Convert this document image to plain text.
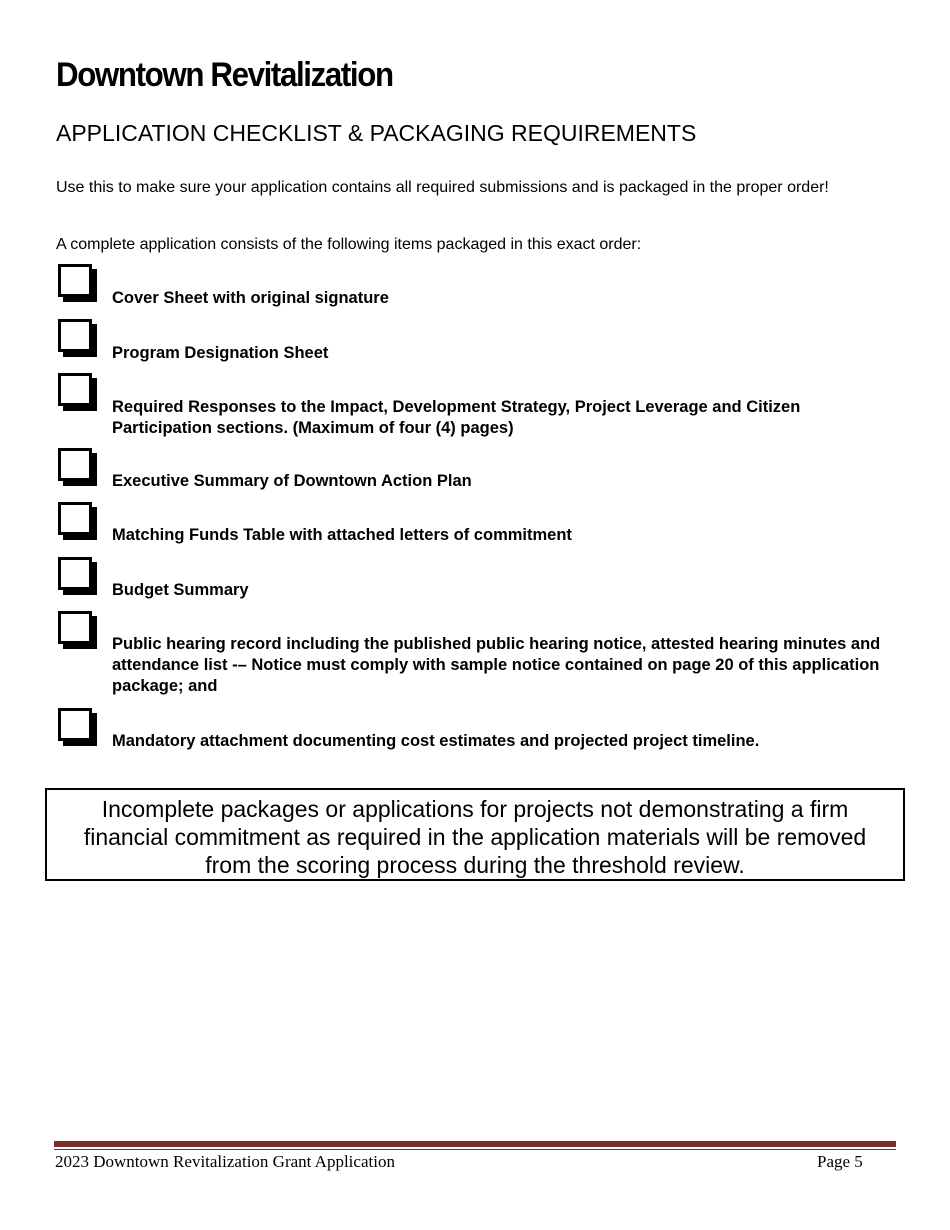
Downtown Revitalization
APPLICATION CHECKLIST & PACKAGING REQUIREMENTS

Use this to make sure your application contains all required submissions and is packaged in the proper order!

A complete application consists of the following items packaged in this exact order:

Cover Sheet with original signature
Program Designation Sheet
Required Responses to the Impact, Development Strategy, Project Leverage and Citizen Participation sections. (Maximum of four (4) pages)
Executive Summary of Downtown Action Plan
Matching Funds Table with attached letters of commitment
Budget Summary
Public hearing record including the published public hearing notice, attested hearing minutes and attendance list -– Notice must comply with sample notice contained on page 20 of this application package; and
Mandatory attachment documenting cost estimates and projected project timeline.
Incomplete packages or applications for projects not demonstrating a firm financial commitment as required in the application materials will be removed from the scoring process during the threshold review.
2023 Downtown Revitalization Grant Application	Page 5
